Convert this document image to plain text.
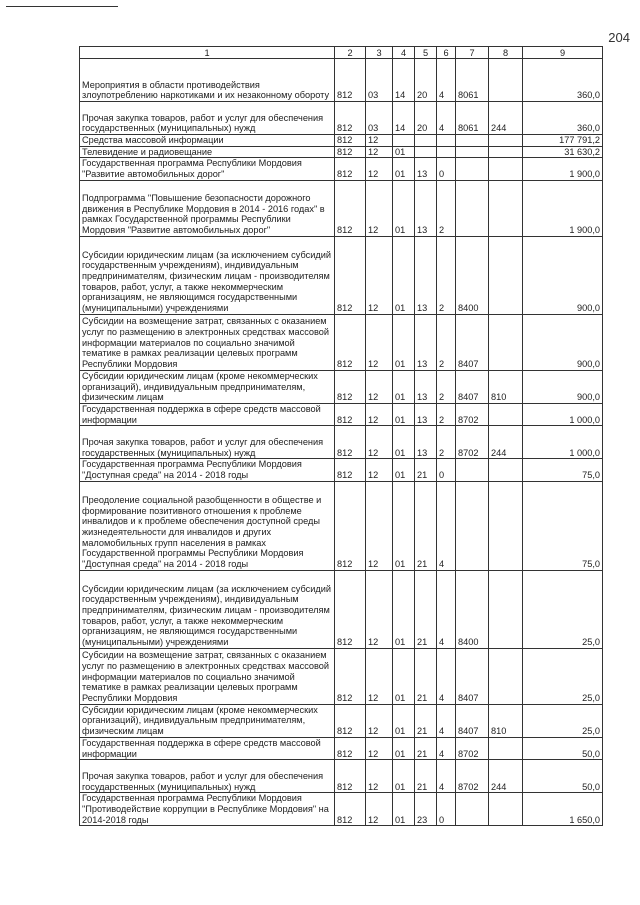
204
1	2	3	4	5	6	7	8	9
Мероприятия в области противодействия злоупотреблению наркотиками и их незаконному обороту	812	03	14	20	4	8061		360,0
Прочая закупка товаров, работ и услуг для обеспечения государственных (муниципальных) нужд	812	03	14	20	4	8061	244	360,0
Средства массовой информации	812	12						177 791,2
Телевидение и радиовещание	812	12	01					31 630,2
Государственная программа Республики Мордовия "Развитие автомобильных дорог"	812	12	01	13	0			1 900,0
Подпрограмма "Повышение безопасности дорожного движения в Республике Мордовия в 2014 - 2016 годах" в рамках Государственной программы Республики Мордовия "Развитие автомобильных дорог"	812	12	01	13	2			1 900,0
Субсидии юридическим лицам (за исключением субсидий государственным учреждениям), индивидуальным предпринимателям, физическим лицам - производителям товаров, работ, услуг, а также некоммерческим организациям, не являющимся государственными (муниципальными) учреждениями	812	12	01	13	2	8400		900,0
Субсидии на возмещение затрат, связанных с оказанием услуг по размещению в электронных средствах массовой информации материалов по социально значимой тематике в рамках реализации целевых программ Республики Мордовия	812	12	01	13	2	8407		900,0
Субсидии юридическим лицам (кроме некоммерческих организаций), индивидуальным предпринимателям, физическим лицам	812	12	01	13	2	8407	810	900,0
Государственная поддержка в сфере средств массовой информации	812	12	01	13	2	8702		1 000,0
Прочая закупка товаров, работ и услуг для обеспечения государственных (муниципальных) нужд	812	12	01	13	2	8702	244	1 000,0
Государственная программа Республики Мордовия "Доступная среда" на 2014 - 2018 годы	812	12	01	21	0			75,0
Преодоление социальной разобщенности в обществе и формирование позитивного отношения к проблеме инвалидов и к проблеме обеспечения доступной среды жизнедеятельности для инвалидов и других маломобильных групп населения в рамках Государственной программы Республики Мордовия "Доступная среда" на 2014 - 2018 годы	812	12	01	21	4			75,0
Субсидии юридическим лицам (за исключением субсидий государственным учреждениям), индивидуальным предпринимателям, физическим лицам - производителям товаров, работ, услуг, а также некоммерческим организациям, не являющимся государственными (муниципальными) учреждениями	812	12	01	21	4	8400		25,0
Субсидии на возмещение затрат, связанных с оказанием услуг по размещению в электронных средствах массовой информации материалов по социально значимой тематике в рамках реализации целевых программ Республики Мордовия	812	12	01	21	4	8407		25,0
Субсидии юридическим лицам (кроме некоммерческих организаций), индивидуальным предпринимателям, физическим лицам	812	12	01	21	4	8407	810	25,0
Государственная поддержка в сфере средств массовой информации	812	12	01	21	4	8702		50,0
Прочая закупка товаров, работ и услуг для обеспечения государственных (муниципальных) нужд	812	12	01	21	4	8702	244	50,0
Государственная программа Республики Мордовия "Противодействие коррупции в Республике Мордовия" на 2014-2018 годы	812	12	01	23	0			1 650,0
